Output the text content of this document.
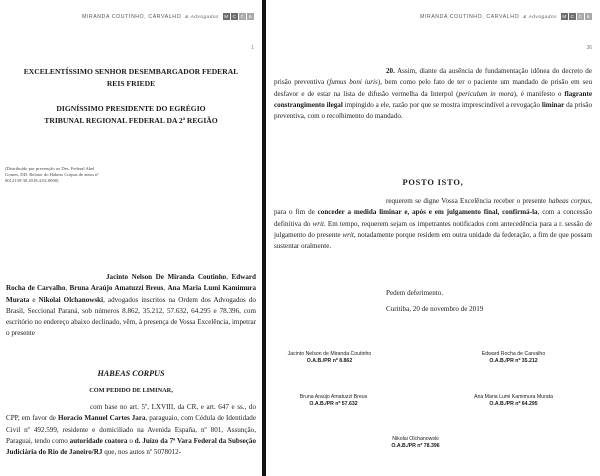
MIRANDA COUTINHO, CARVALHO & Advogados M C C &
1

EXCELENTÍSSIMO SENHOR DESEMBARGADOR FEDERAL

REIS FRIEDE

DIGNÍSSIMO PRESIDENTE DO EGRÉGIO

TRIBUNAL REGIONAL FEDERAL DA 2ª REGIÃO

(Distribuído por prevenção ao Des. Federal Abel
Gomes, DD. Relator do Habeas Corpus de autos nº
0012139-30.2018.4.02.0000)

Jacinto Nelson De Miranda Coutinho, Edward Rocha de Carvalho, Bruna Araújo Amatuzzi Breus, Ana Maria Lumi Kamimura Murata e Nikolai Olchanowski, advogados inscritos na Ordem dos Advogados do Brasil, Seccional Paraná, sob números 8.862, 35.212, 57.632, 64.295 e 78.396, com escritório no endereço abaixo declinado, vêm, à presença de Vossa Excelência, impetrar o presente

HABEAS CORPUS

COM PEDIDO DE LIMINAR,

com base no art. 5º, LXVIII, da CR, e art. 647 e ss., do CPP, em favor de Horacio Manuel Cartes Jara, paraguaio, com Cédula de Identidade Civil nº 492.599, residente e domiciliado na Avenida España, nº 801, Assunção, Paraguai, tendo como autoridade coatora o d. Juízo da 7ª Vara Federal da Subseção Judiciária do Rio de Janeiro/RJ que, nos autos nº 5078012-

MIRANDA COUTINHO, CARVALHO & Advogados M C C &
36

20. Assim, diante da ausência de fundamentação idônea do decreto de prisão preventiva (fumus boni iuris), bem como pelo fato de ter o paciente um mandado de prisão em seu desfavor e de estar na lista de difusão vermelha da Interpol (periculum in mora), é manifesto o flagrante constrangimento ilegal impingido a ele, razão por que se mostra imprescindível a revogação liminar da prisão preventiva, com o recolhimento do mandado.

POSTO ISTO,

requerem se digne Vossa Excelência receber o presente habeas corpus, para o fim de conceder a medida liminar e, após e em julgamento final, confirmá-la, com a concessão definitiva do writ. Em tempo, requerem sejam os impetrantes notificados com antecedência para a r. sessão de julgamento do presente writ, notadamente porque residem em outra unidade da federação, a fim de que possam sustentar oralmente.

Pedem deferimento.

Curitiba, 20 de novembro de 2019

Jacinto Nelson de Miranda Coutinho
O.A.B./PR nº 8.862
Edward Rocha de Carvalho
O.A.B./PR nº 35.212
Bruna Araújo Amatuzzi Breus
O.A.B./PR nº 57.632
Ana Maria Lumi Kamimura Murata
O.A.B./PR nº 64.295
Nikolai Olchanowski
O.A.B./PR nº 78.396
